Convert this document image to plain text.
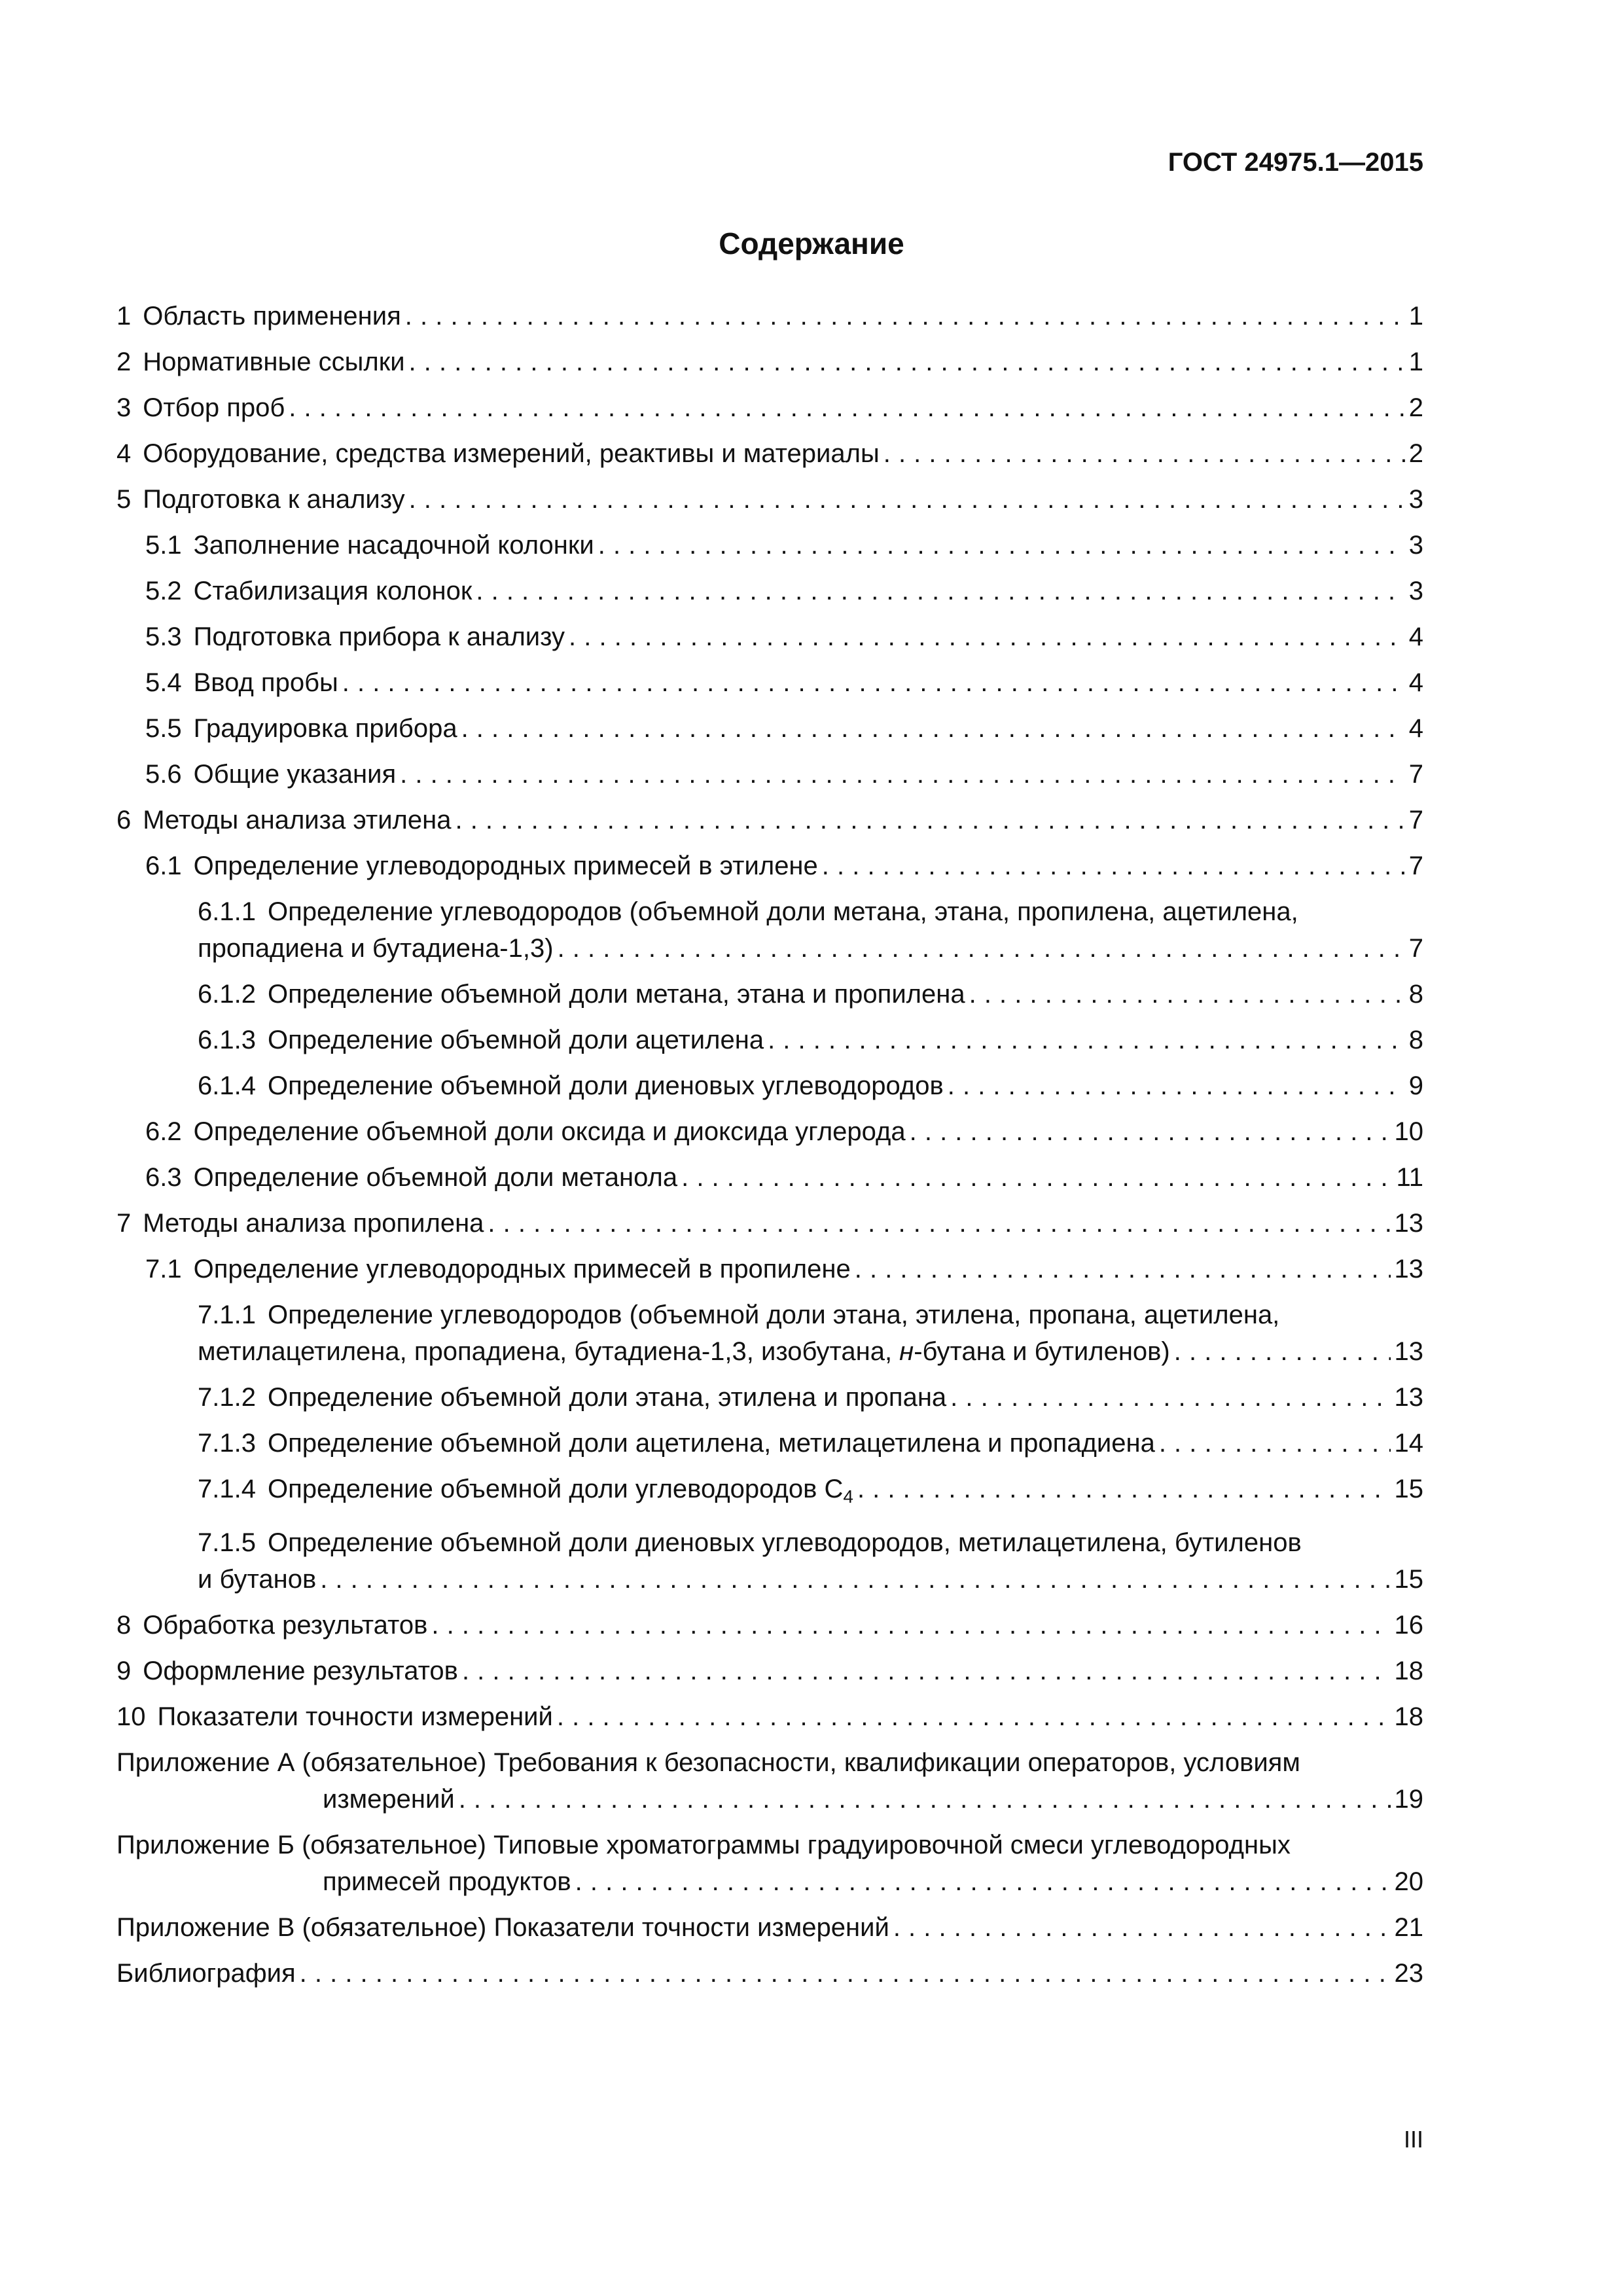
ГОСТ 24975.1—2015
Содержание
1 Область применения . . .	1
2 Нормативные ссылки . . .	1
3 Отбор проб . . .	2
4 Оборудование, средства измерений, реактивы и материалы . . .	2
5 Подготовка к анализу . . .	3
5.1 Заполнение насадочной колонки . . .	3
5.2 Стабилизация колонок . . .	3
5.3 Подготовка прибора к анализу . . .	4
5.4 Ввод пробы . . .	4
5.5 Градуировка прибора . . .	4
5.6 Общие указания . . .	7
6 Методы анализа этилена . . .	7
6.1 Определение углеводородных примесей в этилене . . .	7
6.1.1 Определение углеводородов (объемной доли метана, этана, пропилена, ацетилена,
пропадиена и бутадиена-1,3) . . .	7
6.1.2 Определение объемной доли метана, этана и пропилена . . .	8
6.1.3 Определение объемной доли ацетилена . . .	8
6.1.4 Определение объемной доли диеновых углеводородов . . .	9
6.2 Определение объемной доли оксида и диоксида углерода . . .	10
6.3 Определение объемной доли метанола . . .	11
7 Методы анализа пропилена . . .	13
7.1 Определение углеводородных примесей в пропилене . . .	13
7.1.1 Определение углеводородов (объемной доли этана, этилена, пропана, ацетилена,
метилацетилена, пропадиена, бутадиена-1,3, изобутана, н-бутана и бутиленов) . . .	13
7.1.2 Определение объемной доли этана, этилена и пропана . . .	13
7.1.3 Определение объемной доли ацетилена, метилацетилена и пропадиена . . .	14
7.1.4 Определение объемной доли углеводородов $С_4$ . . .	15
7.1.5 Определение объемной доли диеновых углеводородов, метилацетилена, бутиленов
и бутанов . . .	15
8 Обработка результатов . . .	16
9 Оформление результатов . . .	18
10 Показатели точности измерений . . .	18
Приложение А (обязательное) Требования к безопасности, квалификации операторов, условиям
измерений . . .	19
Приложение Б (обязательное) Типовые хроматограммы градуировочной смеси углеводородных
примесей продуктов . . .	20
Приложение В (обязательное) Показатели точности измерений . . .	21
Библиография . . .	23
III
